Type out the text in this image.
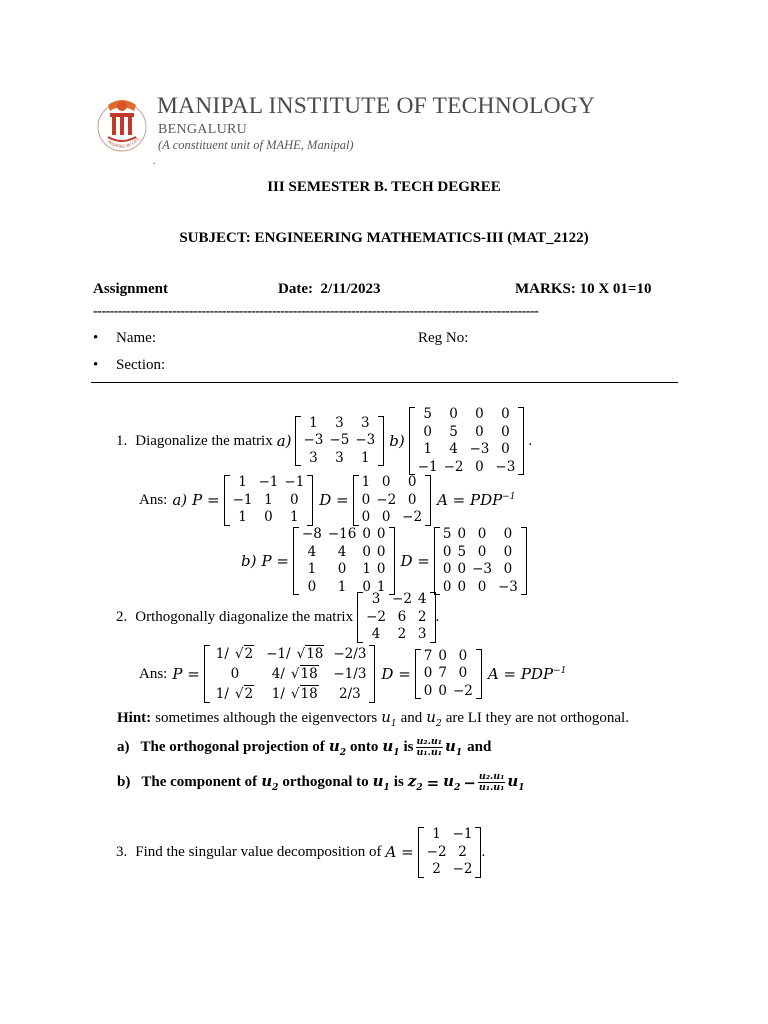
INSPIRED BY LIFE
MANIPAL INSTITUTE OF TECHNOLOGY
BENGALURU
(A constituent unit of MAHE, Manipal)
.
III SEMESTER B. TECH DEGREE
SUBJECT: ENGINEERING MATHEMATICS-III (MAT_2122)
Assignment	Date: 2/11/2023	MARKS: 10 X 01=10
-----------------------------------------------------------------------------------------------------------
• Name:	Reg No:
• Section:
1. Diagonalize the matrix a)
1	3	3
−3 −5 −3
3	3	1
b)
5	0	0	0
0	5	0	0
1	4 −3 0
−1 −2 0 −3
.
Ans: a) P =
1 −1 −1
−1 1	0
1	0	1
D =
1 0	0
0 −2 0
0 0 −2
$A = PDP^{-1}$
b) P =
−8 −16 0 0
4	4	0 0
1	0	1 0
0	1	0 1
D =
5 0 0	0
0 5 0	0
0 0 −3 0
0 0 0 −3
2. Orthogonally diagonalize the matrix
3 −2 4
−2 6 2
4	2 3
.
Ans: P =
1/ √2 −1/ √18 −2/3
0	4/ √18	−1/3
1/ √2	1/ √18	2/3
D =
7 0 0
0 7 0
0 0 −2
$A = PDP^{-1}$
Hint: sometimes although the eigenvectors $u_1$ and $u_2$ are LI they are not orthogonal.
a) The orthogonal projection of $u_2$ onto $u_1$ is $\frac{\text{u₂.u₁}}{\text{u₁.u₁}} u_1$ and
b) The component of $u_2$ orthogonal to $u_1$ is $z_2 = u_2 - \frac{\text{u₂.u₁}}{\text{u₁.u₁}} u_1$
3. Find the singular value decomposition of A =
1 −1
−2 2
2 −2
.
